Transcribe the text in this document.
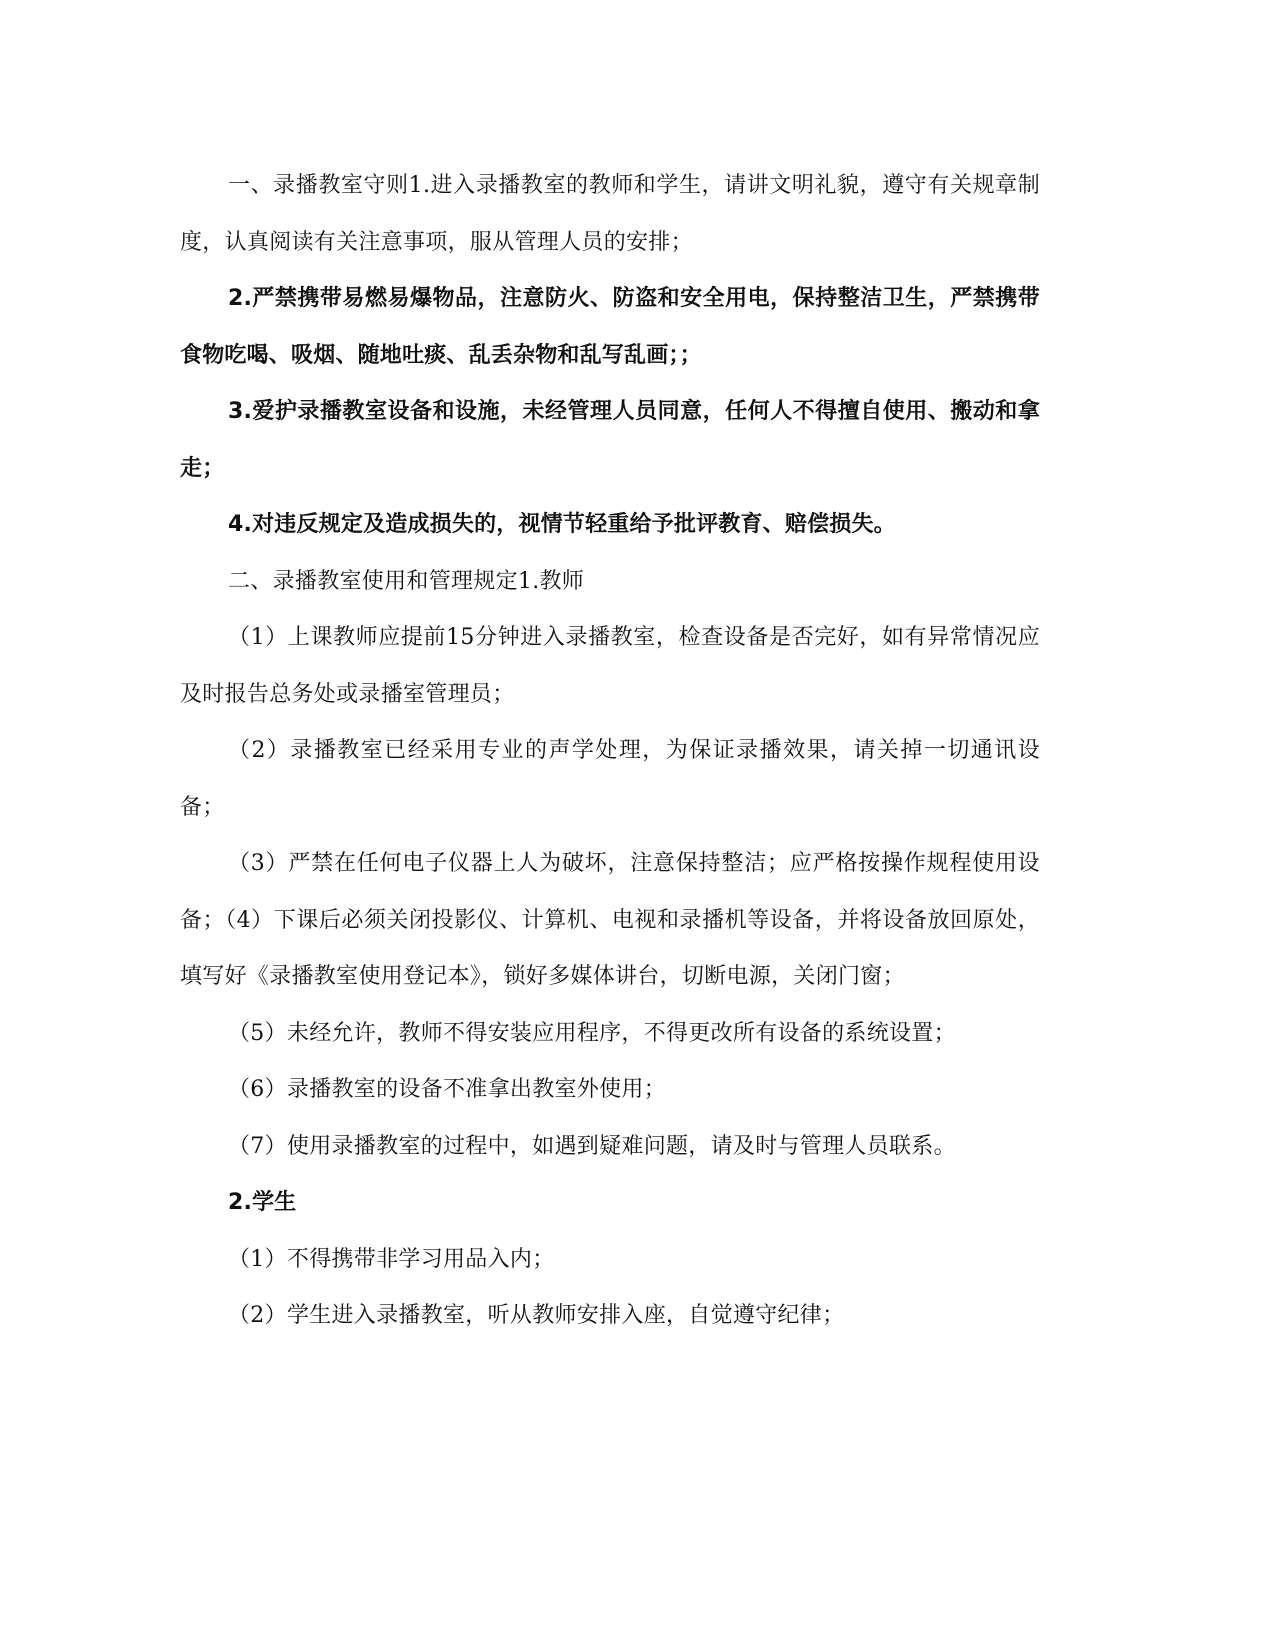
一、录播教室守则1.进入录播教室的教师和学生，请讲文明礼貌，遵守有关规章制度，认真阅读有关注意事项，服从管理人员的安排；

2.严禁携带易燃易爆物品，注意防火、防盗和安全用电，保持整洁卫生，严禁携带食物吃喝、吸烟、随地吐痰、乱丢杂物和乱写乱画；；

3.爱护录播教室设备和设施，未经管理人员同意，任何人不得擅自使用、搬动和拿走；

4.对违反规定及造成损失的，视情节轻重给予批评教育、赔偿损失。

二、录播教室使用和管理规定1.教师

（1）上课教师应提前15分钟进入录播教室，检查设备是否完好，如有异常情况应及时报告总务处或录播室管理员；

（2）录播教室已经采用专业的声学处理，为保证录播效果，请关掉一切通讯设备；

（3）严禁在任何电子仪器上人为破坏，注意保持整洁；应严格按操作规程使用设备；（4）下课后必须关闭投影仪、计算机、电视和录播机等设备，并将设备放回原处，填写好《录播教室使用登记本》，锁好多媒体讲台，切断电源，关闭门窗；

（5）未经允许，教师不得安装应用程序，不得更改所有设备的系统设置；

（6）录播教室的设备不准拿出教室外使用；

（7）使用录播教室的过程中，如遇到疑难问题，请及时与管理人员联系。

2.学生

（1）不得携带非学习用品入内；

（2）学生进入录播教室，听从教师安排入座，自觉遵守纪律；
